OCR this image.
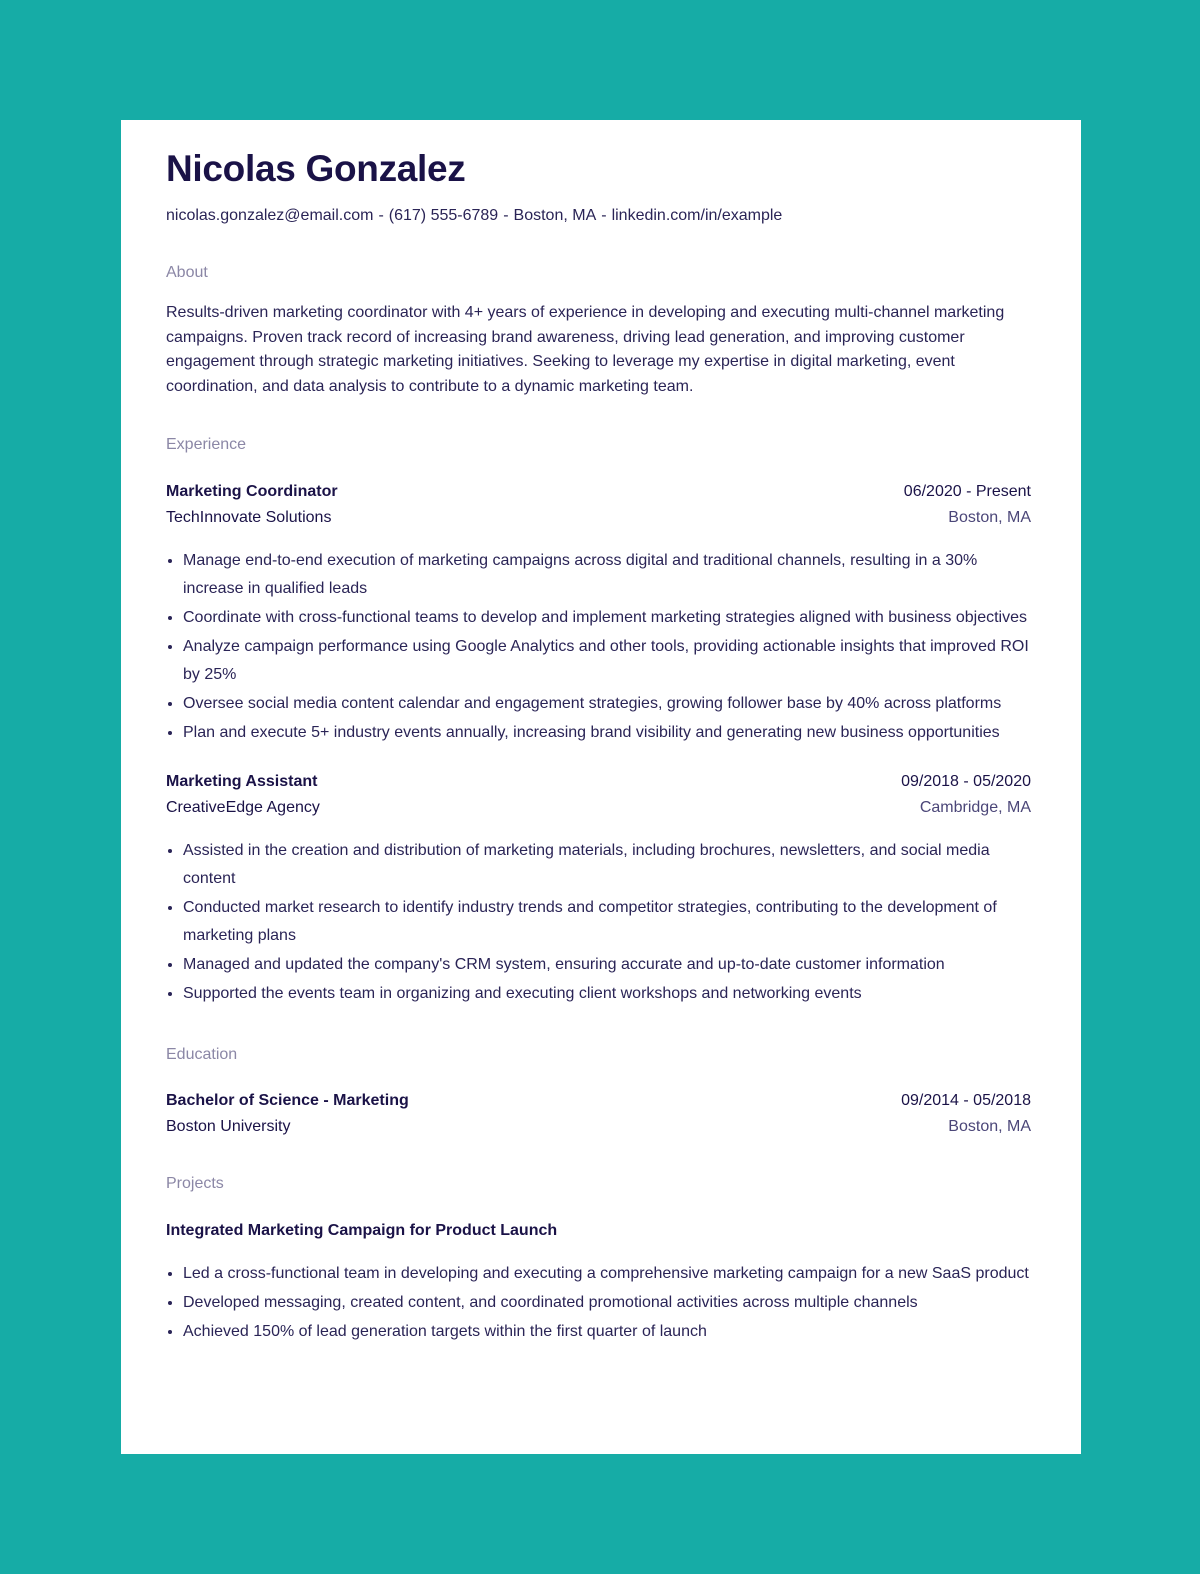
Nicolas Gonzalez
nicolas.gonzalez@email.com - (617) 555-6789 - Boston, MA - linkedin.com/in/example
About
Results-driven marketing coordinator with 4+ years of experience in developing and executing multi-channel marketing campaigns. Proven track record of increasing brand awareness, driving lead generation, and improving customer engagement through strategic marketing initiatives. Seeking to leverage my expertise in digital marketing, event coordination, and data analysis to contribute to a dynamic marketing team.
Experience
Marketing Coordinator	06/2020 - Present
TechInnovate Solutions	Boston, MA
• Manage end-to-end execution of marketing campaigns across digital and traditional channels, resulting in a 30% increase in qualified leads
• Coordinate with cross-functional teams to develop and implement marketing strategies aligned with business objectives
• Analyze campaign performance using Google Analytics and other tools, providing actionable insights that improved ROI by 25%
• Oversee social media content calendar and engagement strategies, growing follower base by 40% across platforms
• Plan and execute 5+ industry events annually, increasing brand visibility and generating new business opportunities
Marketing Assistant	09/2018 - 05/2020
CreativeEdge Agency	Cambridge, MA
• Assisted in the creation and distribution of marketing materials, including brochures, newsletters, and social media content
• Conducted market research to identify industry trends and competitor strategies, contributing to the development of marketing plans
• Managed and updated the company's CRM system, ensuring accurate and up-to-date customer information
• Supported the events team in organizing and executing client workshops and networking events
Education
Bachelor of Science - Marketing	09/2014 - 05/2018
Boston University	Boston, MA
Projects
Integrated Marketing Campaign for Product Launch
• Led a cross-functional team in developing and executing a comprehensive marketing campaign for a new SaaS product
• Developed messaging, created content, and coordinated promotional activities across multiple channels
• Achieved 150% of lead generation targets within the first quarter of launch
